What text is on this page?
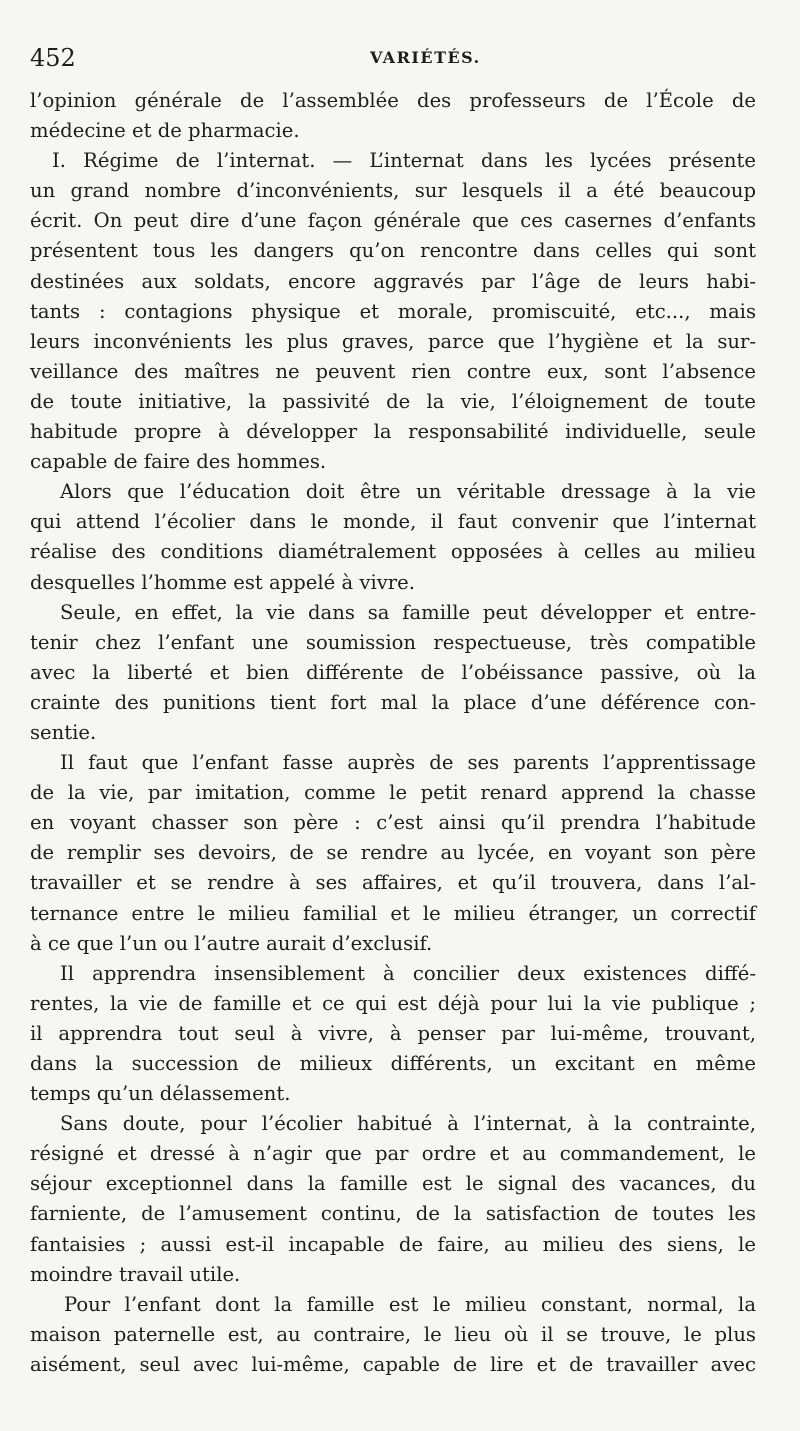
452	VARIÉTÉS.
l’opinion générale de l’assemblée des professeurs de l’École de
médecine et de pharmacie.
I. Régime de l’internat. — L’internat dans les lycées présente
un grand nombre d’inconvénients, sur lesquels il a été beaucoup
écrit. On peut dire d’une façon générale que ces casernes d’enfants
présentent tous les dangers qu’on rencontre dans celles qui sont
destinées aux soldats, encore aggravés par l’âge de leurs habi-
tants : contagions physique et morale, promiscuité, etc..., mais
leurs inconvénients les plus graves, parce que l’hygiène et la sur-
veillance des maîtres ne peuvent rien contre eux, sont l’absence
de toute initiative, la passivité de la vie, l’éloignement de toute
habitude propre à développer la responsabilité individuelle, seule
capable de faire des hommes.
Alors que l’éducation doit être un véritable dressage à la vie
qui attend l’écolier dans le monde, il faut convenir que l’internat
réalise des conditions diamétralement opposées à celles au milieu
desquelles l’homme est appelé à vivre.
Seule, en effet, la vie dans sa famille peut développer et entre-
tenir chez l’enfant une soumission respectueuse, très compatible
avec la liberté et bien différente de l’obéissance passive, où la
crainte des punitions tient fort mal la place d’une déférence con-
sentie.
Il faut que l’enfant fasse auprès de ses parents l’apprentissage
de la vie, par imitation, comme le petit renard apprend la chasse
en voyant chasser son père : c’est ainsi qu’il prendra l’habitude
de remplir ses devoirs, de se rendre au lycée, en voyant son père
travailler et se rendre à ses affaires, et qu’il trouvera, dans l’al-
ternance entre le milieu familial et le milieu étranger, un correctif
à ce que l’un ou l’autre aurait d’exclusif.
Il apprendra insensiblement à concilier deux existences diffé-
rentes, la vie de famille et ce qui est déjà pour lui la vie publique ;
il apprendra tout seul à vivre, à penser par lui-même, trouvant,
dans la succession de milieux différents, un excitant en même
temps qu’un délassement.
Sans doute, pour l’écolier habitué à l’internat, à la contrainte,
résigné et dressé à n’agir que par ordre et au commandement, le
séjour exceptionnel dans la famille est le signal des vacances, du
farniente, de l’amusement continu, de la satisfaction de toutes les
fantaisies ; aussi est-il incapable de faire, au milieu des siens, le
moindre travail utile.
Pour l’enfant dont la famille est le milieu constant, normal, la
maison paternelle est, au contraire, le lieu où il se trouve, le plus
aisément, seul avec lui-même, capable de lire et de travailler avec
